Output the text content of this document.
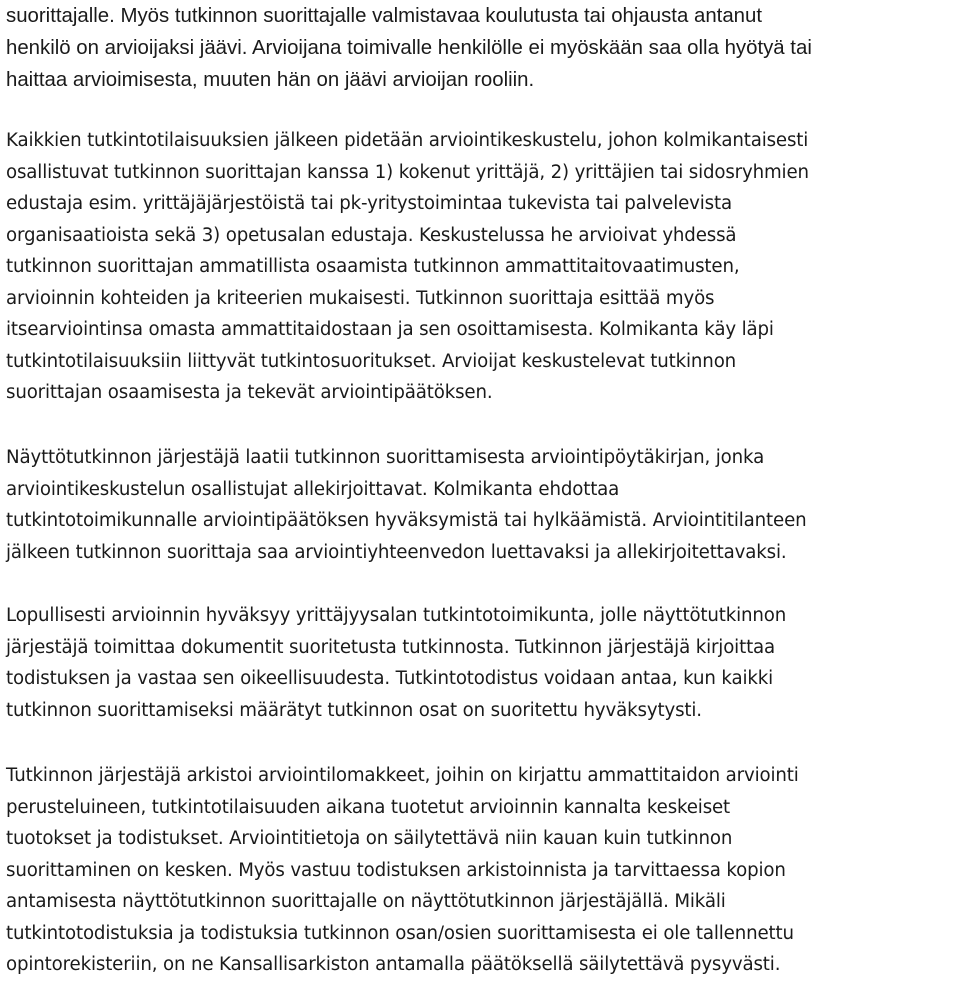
suorittajalle. Myös tutkinnon suorittajalle valmistavaa koulutusta tai ohjausta antanut
henkilö on arvioijaksi jäävi. Arvioijana toimivalle henkilölle ei myöskään saa olla hyötyä tai
haittaa arvioimisesta, muuten hän on jäävi arvioijan rooliin.

Kaikkien tutkintotilaisuuksien jälkeen pidetään arviointikeskustelu, johon kolmikantaisesti
osallistuvat tutkinnon suorittajan kanssa 1) kokenut yrittäjä, 2) yrittäjien tai sidosryhmien
edustaja esim. yrittäjäjärjestöistä tai pk-yritystoimintaa tukevista tai palvelevista
organisaatioista sekä 3) opetusalan edustaja. Keskustelussa he arvioivat yhdessä
tutkinnon suorittajan ammatillista osaamista tutkinnon ammattitaitovaatimusten,
arvioinnin kohteiden ja kriteerien mukaisesti. Tutkinnon suorittaja esittää myös
itsearviointinsa omasta ammattitaidostaan ja sen osoittamisesta. Kolmikanta käy läpi
tutkintotilaisuuksiin liittyvät tutkintosuoritukset. Arvioijat keskustelevat tutkinnon
suorittajan osaamisesta ja tekevät arviointipäätöksen.

Näyttötutkinnon järjestäjä laatii tutkinnon suorittamisesta arviointipöytäkirjan, jonka
arviointikeskustelun osallistujat allekirjoittavat. Kolmikanta ehdottaa
tutkintotoimikunnalle arviointipäätöksen hyväksymistä tai hylkäämistä. Arviointitilanteen
jälkeen tutkinnon suorittaja saa arviointiyhteenvedon luettavaksi ja allekirjoitettavaksi.

Lopullisesti arvioinnin hyväksyy yrittäjyysalan tutkintotoimikunta, jolle näyttötutkinnon
järjestäjä toimittaa dokumentit suoritetusta tutkinnosta. Tutkinnon järjestäjä kirjoittaa
todistuksen ja vastaa sen oikeellisuudesta. Tutkintotodistus voidaan antaa, kun kaikki
tutkinnon suorittamiseksi määrätyt tutkinnon osat on suoritettu hyväksytysti.

Tutkinnon järjestäjä arkistoi arviointilomakkeet, joihin on kirjattu ammattitaidon arviointi
perusteluineen, tutkintotilaisuuden aikana tuotetut arvioinnin kannalta keskeiset
tuotokset ja todistukset. Arviointitietoja on säilytettävä niin kauan kuin tutkinnon
suorittaminen on kesken. Myös vastuu todistuksen arkistoinnista ja tarvittaessa kopion
antamisesta näyttötutkinnon suorittajalle on näyttötutkinnon järjestäjällä. Mikäli
tutkintotodistuksia ja todistuksia tutkinnon osan/osien suorittamisesta ei ole tallennettu
opintorekisteriin, on ne Kansallisarkiston antamalla päätöksellä säilytettävä pysyvästi.
